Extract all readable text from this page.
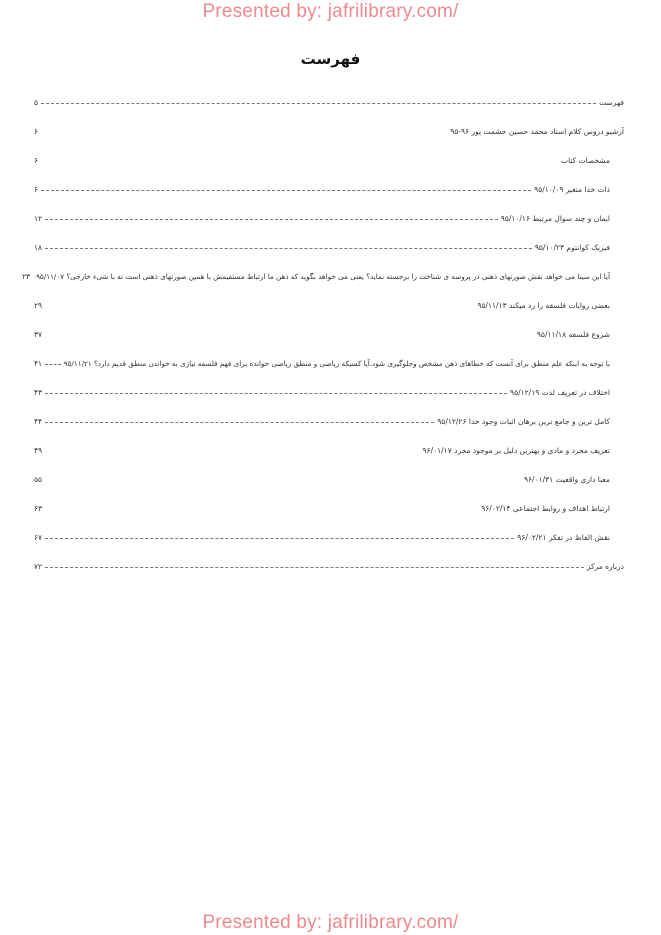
Presented by: jafrilibrary.com/
فهرست
فهرست
۵
آرشیو دروس کلام استاد محمد حسین حشمت پور ۹۶-۹۵
۶
مشخصات کتاب
۶
ذات خدا متغیر ۹۵/۱۰/۰۹
۶
ایمان و چند سوال مرتبط ۹۵/۱۰/۱۶
۱۲
فیزیک کوانتوم ۹۵/۱۰/۲۳
۱۸
آیا ابن سینا می خواهد نقش صورتهای ذهنی در پروسه ی شناخت را برجسته نماید؟ یعنی می خواهد بگوید که ذهن ما ارتباط مستقیمش با همین صورتهای ذهنی است نه با شیء خارجی؟ ۹۵/۱۱/۰۷
۲۳
بعضی روایات فلسفه را رد میکند ۹۵/۱۱/۱۳
۲۹
شروع فلسفه ۹۵/۱۱/۱۸
۳۷
با توجه به اینکه علم منطق برای آنست که خطاهای ذهن مشخص وجلوگیری شود،آیا کسیکه ریاضی و منطق ریاضی خوانده برای فهم فلسفه نیازی به خواندن منطق قدیم دارد؟ ۹۵/۱۱/۲۱
۴۱
اختلاف در تعریف لذت ۹۵/۱۲/۱۹
۴۳
کامل ترین و جامع ترین برهان اثبات وجود خدا ۹۵/۱۲/۲۶
۴۴
تعریف مجرد و مادی و بهترین دلیل بر موجود مجرد ۹۶/۰۱/۱۷
۴۹
معنا داری واقعیت ۹۶/۰۱/۳۱
۵۵
ارتباط اهداف و روابط اجتماعی ۹۶/۰۲/۱۴
۶۳
نقش الفاظ در تفکر ۹۶/۰۲/۲۱
۶۷
درباره مرکز
۷۲
Presented by: jafrilibrary.com/
